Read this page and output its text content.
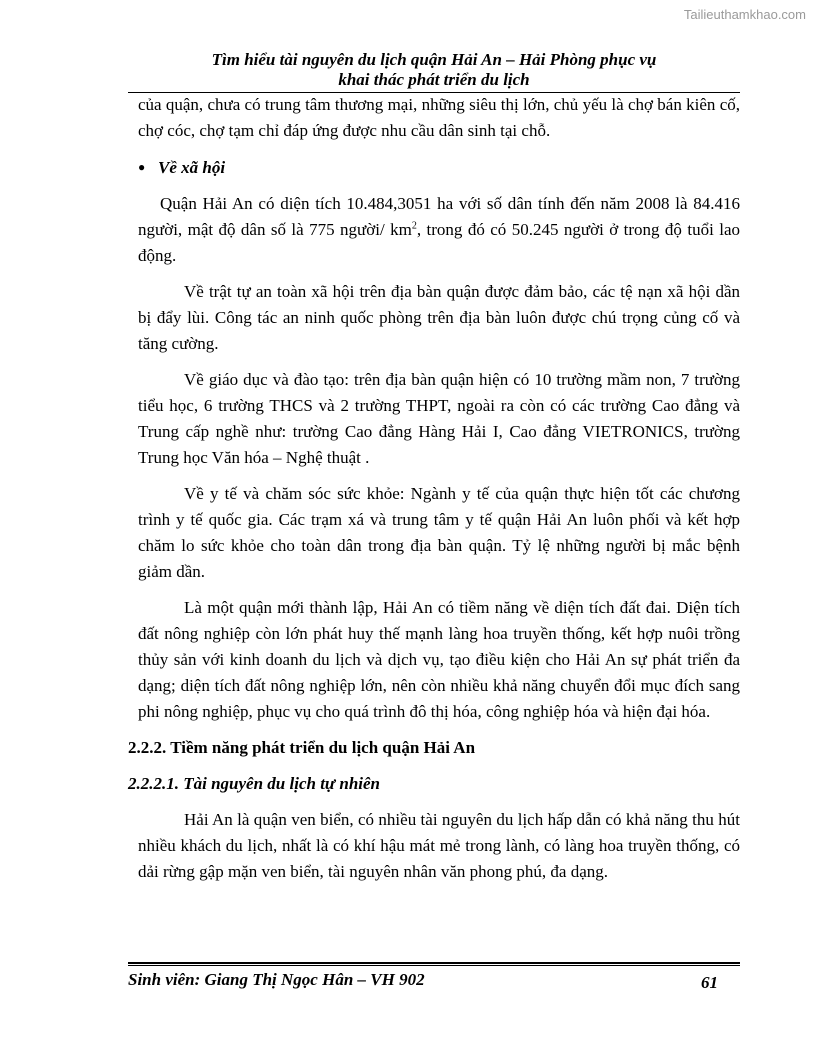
Tailieuthamkhao.com
Tìm hiểu tài nguyên du lịch quận Hải An – Hải Phòng phục vụ
khai thác phát triển du lịch

của quận, chưa có trung tâm thương mại, những siêu thị lớn, chủ yếu là chợ bán kiên cố, chợ cóc, chợ tạm chỉ đáp ứng được nhu cầu dân sinh tại chỗ.

● Về xã hội

Quận Hải An có diện tích 10.484,3051 ha với số dân tính đến năm 2008 là 84.416 người, mật độ dân số là 775 người/ $km^2$, trong đó có 50.245 người ở trong độ tuổi lao động.

Về trật tự an toàn xã hội trên địa bàn quận được đảm bảo, các tệ nạn xã hội dần bị đẩy lùi. Công tác an ninh quốc phòng trên địa bàn luôn được chú trọng củng cố và tăng cường.

Về giáo dục và đào tạo: trên địa bàn quận hiện có 10 trường mầm non, 7 trường tiểu học, 6 trường THCS và 2 trường THPT, ngoài ra còn có các trường Cao đẳng và Trung cấp nghề như: trường Cao đẳng Hàng Hải I, Cao đẳng VIETRONICS, trường Trung học Văn hóa – Nghệ thuật .

Về y tế và chăm sóc sức khỏe: Ngành y tế của quận thực hiện tốt các chương trình y tế quốc gia. Các trạm xá và trung tâm y tế quận Hải An luôn phối và kết hợp chăm lo sức khỏe cho toàn dân trong địa bàn quận. Tỷ lệ những người bị mắc bệnh giảm dần.

Là một quận mới thành lập, Hải An có tiềm năng về diện tích đất đai. Diện tích đất nông nghiệp còn lớn phát huy thế mạnh làng hoa truyền thống, kết hợp nuôi trồng thủy sản với kinh doanh du lịch và dịch vụ, tạo điều kiện cho Hải An sự phát triển đa dạng; diện tích đất nông nghiệp lớn, nên còn nhiều khả năng chuyển đổi mục đích sang phi nông nghiệp, phục vụ cho quá trình đô thị hóa, công nghiệp hóa và hiện đại hóa.

2.2.2. Tiềm năng phát triển du lịch quận Hải An

2.2.2.1. Tài nguyên du lịch tự nhiên

Hải An là quận ven biển, có nhiều tài nguyên du lịch hấp dẫn có khả năng thu hút nhiều khách du lịch, nhất là có khí hậu mát mẻ trong lành, có làng hoa truyền thống, có dải rừng gập mặn ven biển, tài nguyên nhân văn phong phú, đa dạng.

Sinh viên: Giang Thị Ngọc Hân – VH 902	61
